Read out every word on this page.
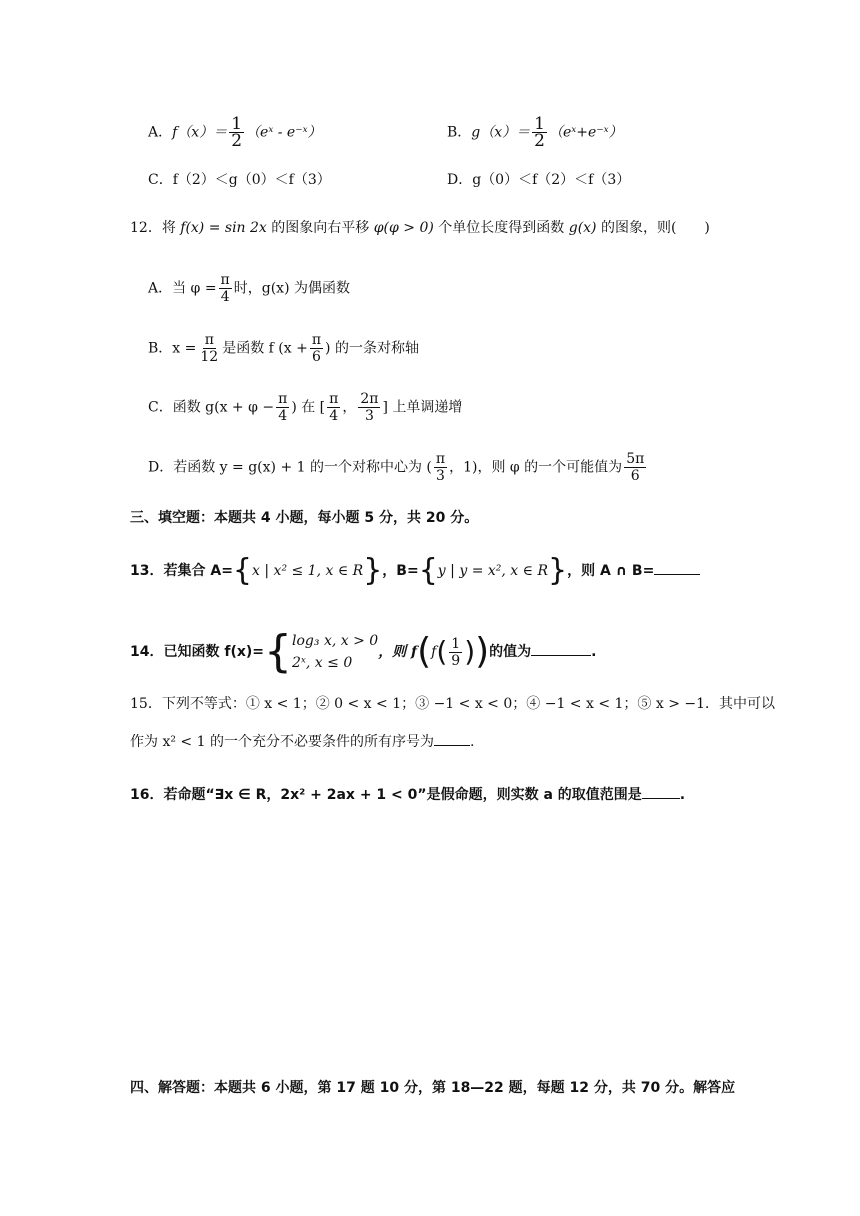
A．$f(x)= \frac{1}{2}$ （eˣ - e⁻ˣ）	B．$g(x)= \frac{1}{2}$ （eˣ+e⁻ˣ）
C．f（2）＜g（0）＜f（3）	D．g（0）＜f（2）＜f（3）
12．将 f(x) = sin 2x 的图象向右平移 φ(φ > 0) 个单位长度得到函数 g(x) 的图象，则(　　)
A．当 $\varphi = \frac{\pi}{4}$ 时，g(x) 为偶函数
B．$x = \frac{\pi}{12}$ 是函数 f ($x + \frac{\pi}{6}$ ) 的一条对称轴
C．函数 $g(x + \varphi - \frac{\pi}{4}$ ) 在 [ $\frac{\pi}{4}$ ， $\frac{2\pi}{3}$ ] 上单调递增
D．若函数 y = g(x) + 1 的一个对称中心为 ( $\frac{\pi}{3}$ ，1)，则 φ 的一个可能值为 $\frac{5\pi}{6}$
三、填空题：本题共 4 小题，每小题 5 分，共 20 分。
13．若集合 A={x | x² ≤ 1, x ∈ R}，B={y | y = x², x ∈ R}，则 A ∩ B=
14．已知函数 f(x)= { log₃ x, x > 0
2ˣ, x ≤ 0
，则 $f(f( \frac{1}{9}$ ))的值为	.
15．下列不等式：① x < 1；② 0 < x < 1；③ −1 < x < 0；④ −1 < x < 1；⑤ x > −1．其中可以
作为 x² < 1 的一个充分不必要条件的所有序号为	.
16．若命题“∃x ∈ R，2x² + 2ax + 1 < 0”是假命题，则实数 a 的取值范围是	.
四、解答题：本题共 6 小题，第 17 题 10 分，第 18—22 题，每题 12 分，共 70 分。解答应
